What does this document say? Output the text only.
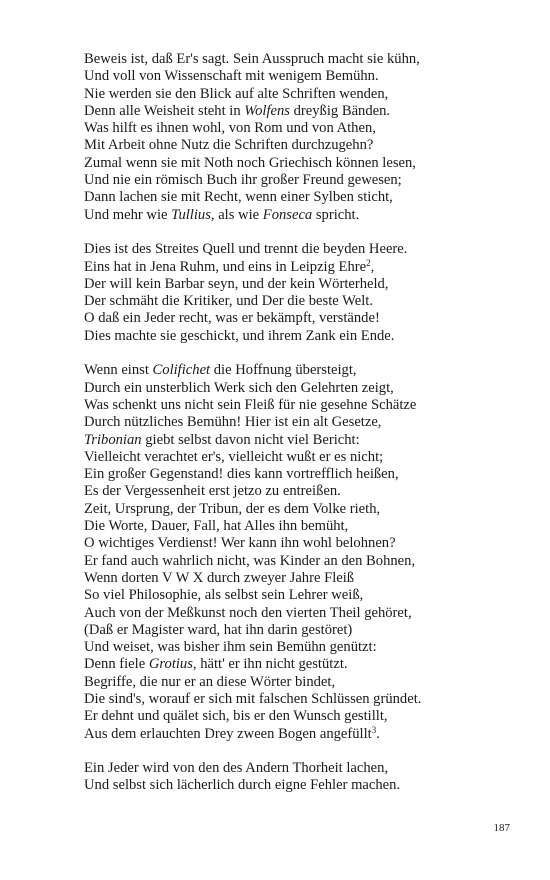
Beweis ist, daß Er's sagt. Sein Ausspruch macht sie kühn,
Und voll von Wissenschaft mit wenigem Bemühn.
Nie werden sie den Blick auf alte Schriften wenden,
Denn alle Weisheit steht in Wolfens dreyßig Bänden.
Was hilft es ihnen wohl, von Rom und von Athen,
Mit Arbeit ohne Nutz die Schriften durchzugehn?
Zumal wenn sie mit Noth noch Griechisch können lesen,
Und nie ein römisch Buch ihr großer Freund gewesen;
Dann lachen sie mit Recht, wenn einer Sylben sticht,
Und mehr wie Tullius, als wie Fonseca spricht.
Dies ist des Streites Quell und trennt die beyden Heere.
Eins hat in Jena Ruhm, und eins in Leipzig Ehre$^2$,
Der will kein Barbar seyn, und der kein Wörterheld,
Der schmäht die Kritiker, und Der die beste Welt.
O daß ein Jeder recht, was er bekämpft, verstände!
Dies machte sie geschickt, und ihrem Zank ein Ende.
Wenn einst Colifichet die Hoffnung übersteigt,
Durch ein unsterblich Werk sich den Gelehrten zeigt,
Was schenkt uns nicht sein Fleiß für nie gesehne Schätze
Durch nützliches Bemühn! Hier ist ein alt Gesetze,
Tribonian giebt selbst davon nicht viel Bericht:
Vielleicht verachtet er's, vielleicht wußt er es nicht;
Ein großer Gegenstand! dies kann vortrefflich heißen,
Es der Vergessenheit erst jetzo zu entreißen.
Zeit, Ursprung, der Tribun, der es dem Volke rieth,
Die Worte, Dauer, Fall, hat Alles ihn bemüht,
O wichtiges Verdienst! Wer kann ihn wohl belohnen?
Er fand auch wahrlich nicht, was Kinder an den Bohnen,
Wenn dorten V W X durch zweyer Jahre Fleiß
So viel Philosophie, als selbst sein Lehrer weiß,
Auch von der Meßkunst noch den vierten Theil gehöret,
(Daß er Magister ward, hat ihn darin gestöret)
Und weiset, was bisher ihm sein Bemühn genützt:
Denn fiele Grotius, hätt' er ihn nicht gestützt.
Begriffe, die nur er an diese Wörter bindet,
Die sind's, worauf er sich mit falschen Schlüssen gründet.
Er dehnt und quälet sich, bis er den Wunsch gestillt,
Aus dem erlauchten Drey zween Bogen angefüllt$^3$.
Ein Jeder wird von den des Andern Thorheit lachen,
Und selbst sich lächerlich durch eigne Fehler machen.
187
